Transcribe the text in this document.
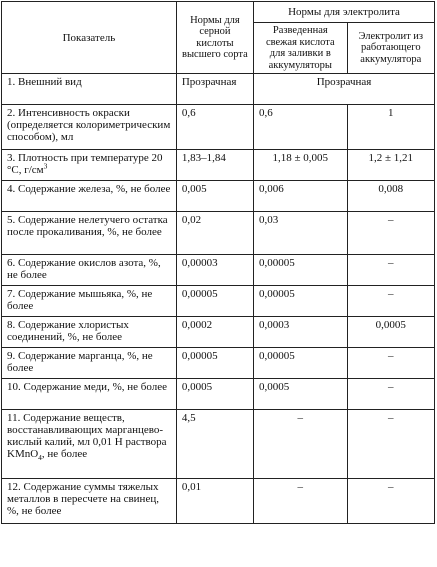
Показатель	Нормы для серной кислоты высшего сорта	Нормы для электролита	
		Разведенная свежая кислота для заливки в аккумуляторы	Электролит из работающего аккумулятора
1. Внешний вид	Прозрачная	Прозрачная	
2. Интенсивность окраски (определяется колориметрическим способом), мл	0,6	0,6	1
3. Плотность при температуре 20 °С, $г/см^3$	1,83–1,84	1,18 ± 0,005	1,2 ± 1,21
4. Содержание железа, %, не более	0,005	0,006	0,008
5. Содержание нелетучего остатка после прокаливания, %, не более	0,02	0,03	–
6. Содержание окислов азота, %, не более	0,00003	0,00005	–
7. Содержание мышьяка, %, не более	0,00005	0,00005	–
8. Содержание хлористых соединений, %, не более	0,0002	0,0003	0,0005
9. Содержание марганца, %, не более	0,00005	0,00005	–
10. Содержание меди, %, не более	0,0005	0,0005	–
11. Содержание веществ, восстанавливающих марганцево-кислый калий, мл 0,01 Н раствора KMnO$_4$, не более	4,5	–	–
12. Содержание суммы тяжелых металлов в пересчете на свинец, %, не более	0,01	–	–
